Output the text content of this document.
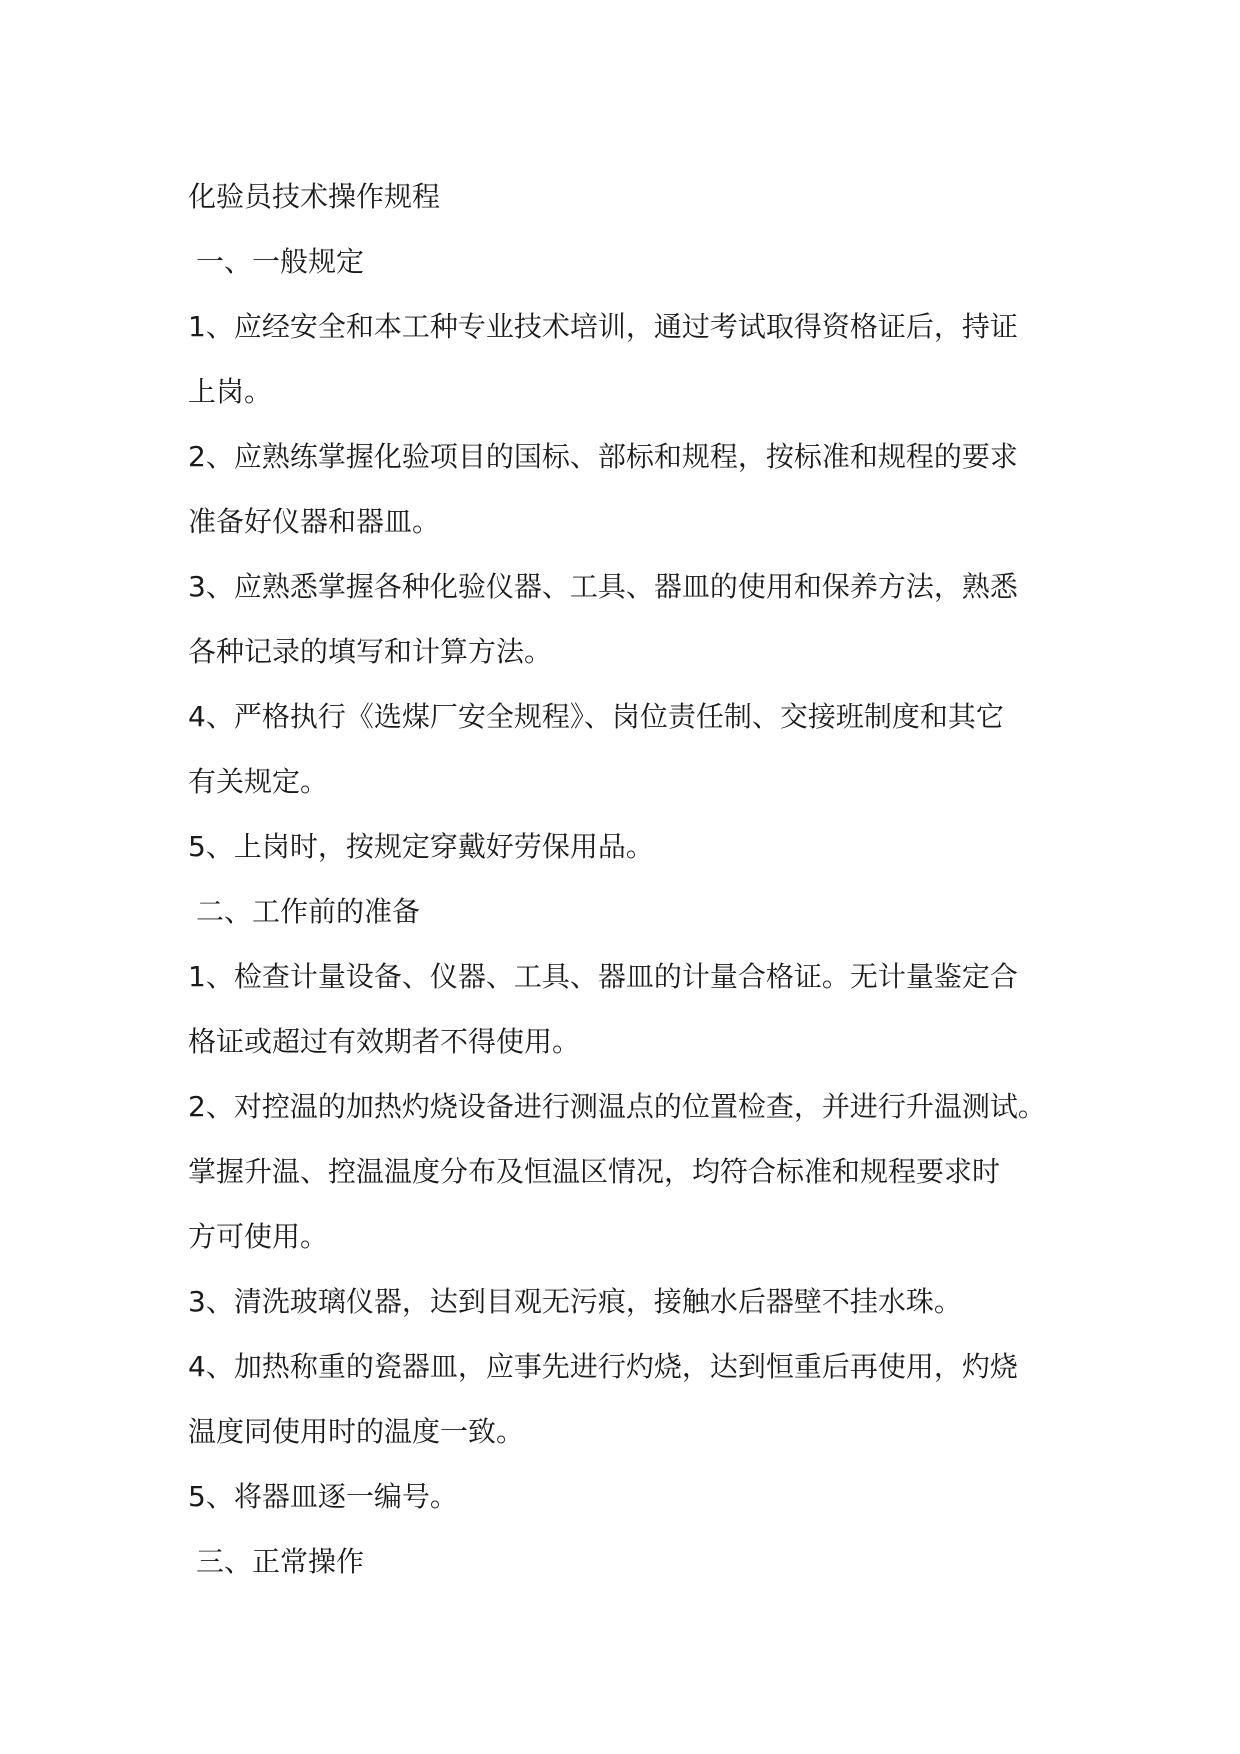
化验员技术操作规程
一、一般规定
1、应经安全和本工种专业技术培训，通过考试取得资格证后，持证
上岗。
2、应熟练掌握化验项目的国标、部标和规程，按标准和规程的要求
准备好仪器和器皿。
3、应熟悉掌握各种化验仪器、工具、器皿的使用和保养方法，熟悉
各种记录的填写和计算方法。
4、严格执行《选煤厂安全规程》、岗位责任制、交接班制度和其它
有关规定。
5、上岗时，按规定穿戴好劳保用品。
二、工作前的准备
1、检查计量设备、仪器、工具、器皿的计量合格证。无计量鉴定合
格证或超过有效期者不得使用。
2、对控温的加热灼烧设备进行测温点的位置检查，并进行升温测试。
掌握升温、控温温度分布及恒温区情况，均符合标准和规程要求时
方可使用。
3、清洗玻璃仪器，达到目观无污痕，接触水后器壁不挂水珠。
4、加热称重的瓷器皿，应事先进行灼烧，达到恒重后再使用，灼烧
温度同使用时的温度一致。
5、将器皿逐一编号。
三、正常操作
